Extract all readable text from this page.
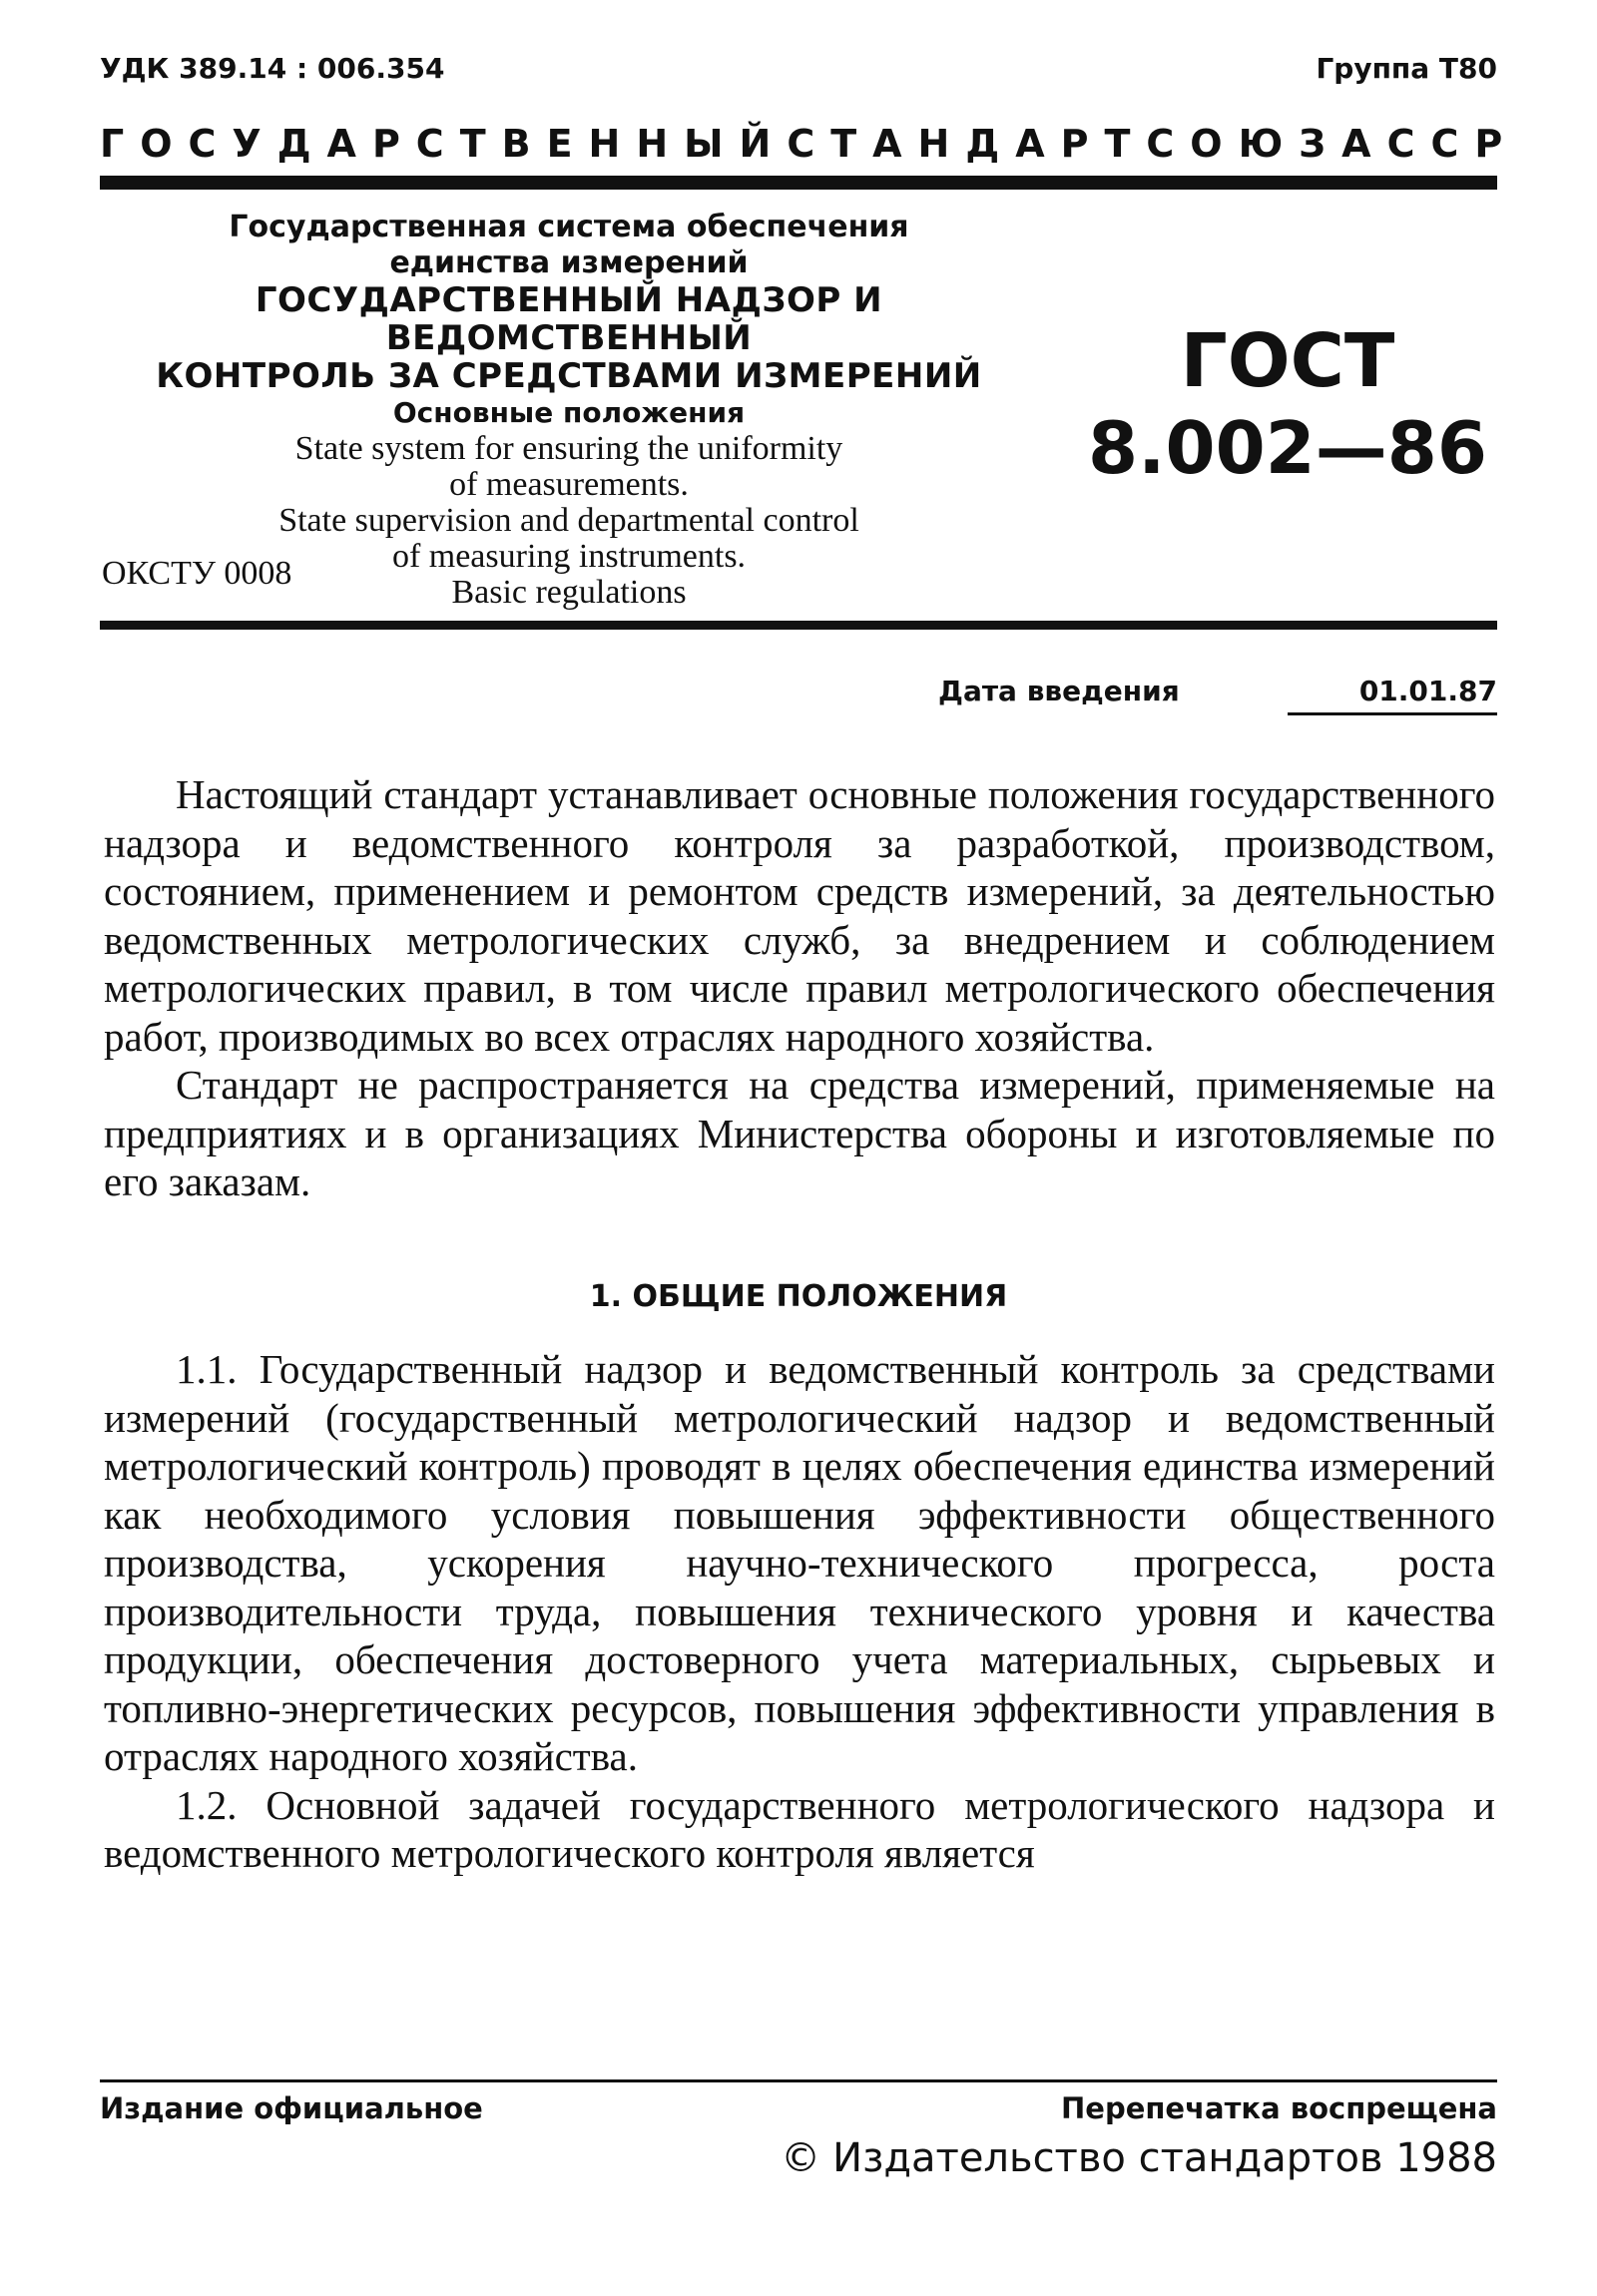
УДК 389.14 : 006.354	Группа Т80
ГОСУДАРСТВЕННЫЙ СТАНДАРТ СОЮЗА ССР
Государственная система обеспечения
единства измерений
ГОСУДАРСТВЕННЫЙ НАДЗОР И ВЕДОМСТВЕННЫЙ
КОНТРОЛЬ ЗА СРЕДСТВАМИ ИЗМЕРЕНИЙ
Основные положения
State system for ensuring the uniformity
of measurements.
State supervision and departmental control
of measuring instruments.
Basic regulations
ОКСТУ 0008
ГОСТ
8.002—86
Дата введения	01.01.87

Настоящий стандарт устанавливает основные положения государственного надзора и ведомственного контроля за разработкой, производством, состоянием, применением и ремонтом средств измерений, за деятельностью ведомственных метрологических служб, за внедрением и соблюдением метрологических правил, в том числе правил метрологического обеспечения работ, производимых во всех отраслях народного хозяйства.

Стандарт не распространяется на средства измерений, применяемые на предприятиях и в организациях Министерства обороны и изготовляемые по его заказам.

1. ОБЩИЕ ПОЛОЖЕНИЯ

1.1. Государственный надзор и ведомственный контроль за средствами измерений (государственный метрологический надзор и ведомственный метрологический контроль) проводят в целях обеспечения единства измерений как необходимого условия повышения эффективности общественного производства, ускорения научно-технического прогресса, роста производительности труда, повышения технического уровня и качества продукции, обеспечения достоверного учета материальных, сырьевых и топливно-энергетических ресурсов, повышения эффективности управления в отраслях народного хозяйства.

1.2. Основной задачей государственного метрологического надзора и ведомственного метрологического контроля является

Издание официальное	Перепечатка воспрещена
© Издательство стандартов 1988
